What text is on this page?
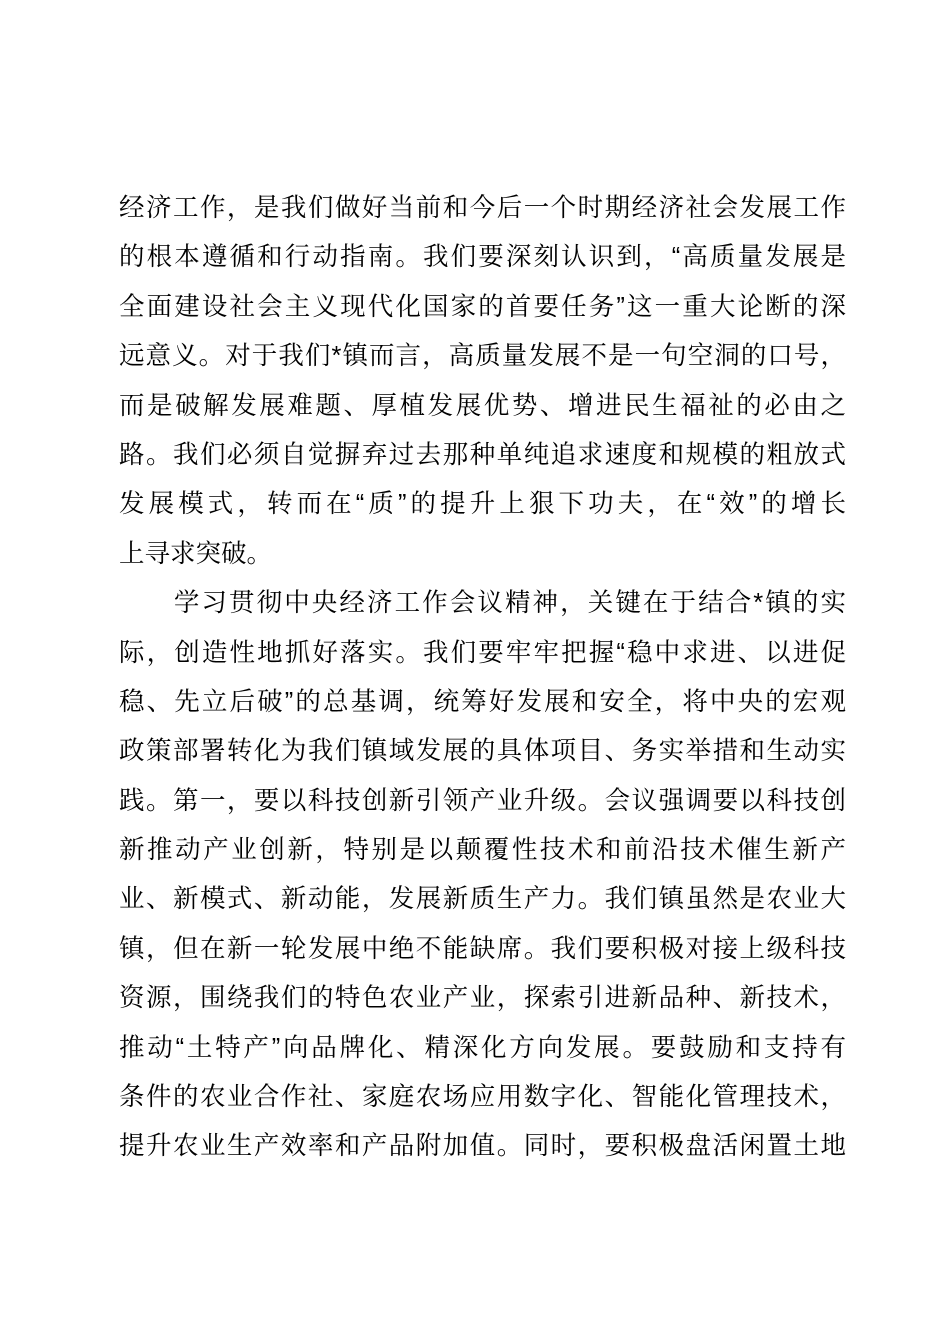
经济工作，是我们做好当前和今后一个时期经济社会发展工作
的根本遵循和行动指南。我们要深刻认识到，“高质量发展是
全面建设社会主义现代化国家的首要任务”这一重大论断的深
远意义。对于我们*镇而言，高质量发展不是一句空洞的口号，
而是破解发展难题、厚植发展优势、增进民生福祉的必由之
路。我们必须自觉摒弃过去那种单纯追求速度和规模的粗放式
发展模式，转而在“质”的提升上狠下功夫，在“效”的增长
上寻求突破。
学习贯彻中央经济工作会议精神，关键在于结合*镇的实
际，创造性地抓好落实。我们要牢牢把握“稳中求进、以进促
稳、先立后破”的总基调，统筹好发展和安全，将中央的宏观
政策部署转化为我们镇域发展的具体项目、务实举措和生动实
践。第一，要以科技创新引领产业升级。会议强调要以科技创
新推动产业创新，特别是以颠覆性技术和前沿技术催生新产
业、新模式、新动能，发展新质生产力。我们镇虽然是农业大
镇，但在新一轮发展中绝不能缺席。我们要积极对接上级科技
资源，围绕我们的特色农业产业，探索引进新品种、新技术，
推动“土特产”向品牌化、精深化方向发展。要鼓励和支持有
条件的农业合作社、家庭农场应用数字化、智能化管理技术，
提升农业生产效率和产品附加值。同时，要积极盘活闲置土地
